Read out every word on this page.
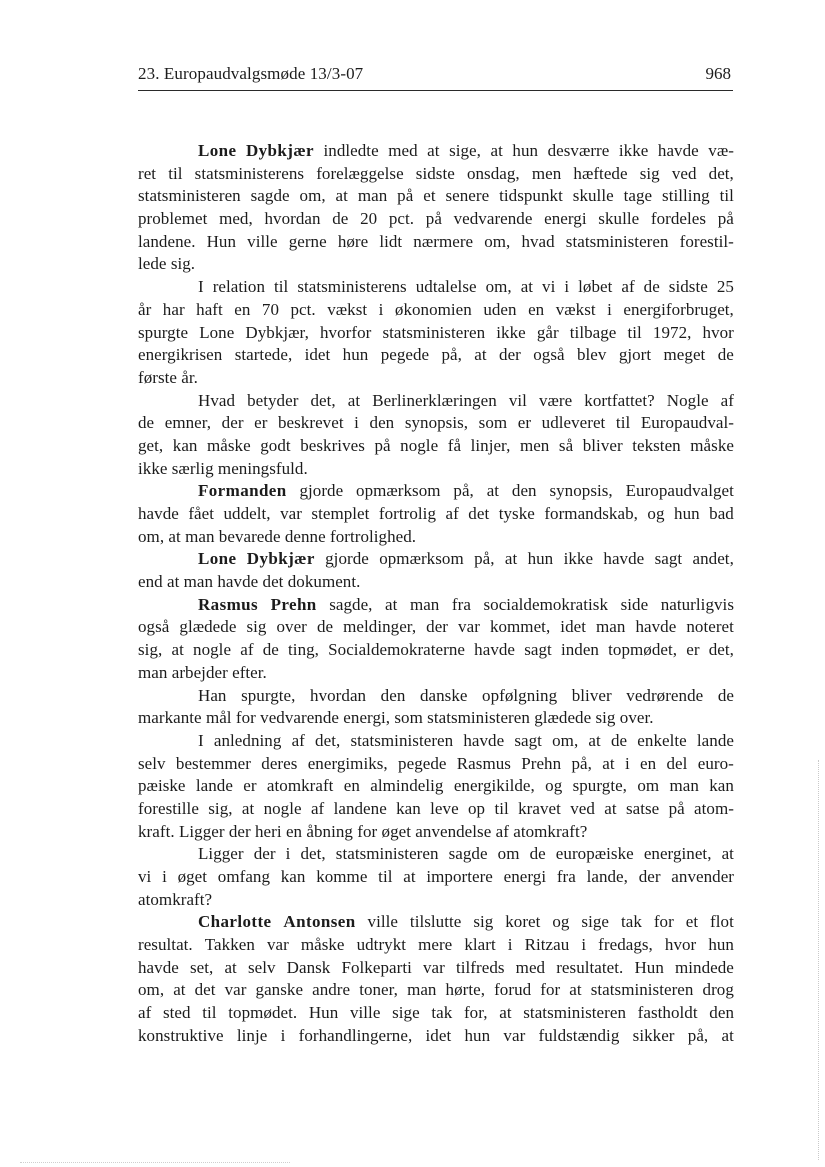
23. Europaudvalgsmøde 13/3-07	968
Lone Dybkjær indledte med at sige, at hun desværre ikke havde væ-
ret til statsministerens forelæggelse sidste onsdag, men hæftede sig ved det,
statsministeren sagde om, at man på et senere tidspunkt skulle tage stilling til
problemet med, hvordan de 20 pct. på vedvarende energi skulle fordeles på
landene. Hun ville gerne høre lidt nærmere om, hvad statsministeren forestil-
lede sig.
I relation til statsministerens udtalelse om, at vi i løbet af de sidste 25
år har haft en 70 pct. vækst i økonomien uden en vækst i energiforbruget,
spurgte Lone Dybkjær, hvorfor statsministeren ikke går tilbage til 1972, hvor
energikrisen startede, idet hun pegede på, at der også blev gjort meget de
første år.
Hvad betyder det, at Berlinerklæringen vil være kortfattet? Nogle af
de emner, der er beskrevet i den synopsis, som er udleveret til Europaudval-
get, kan måske godt beskrives på nogle få linjer, men så bliver teksten måske
ikke særlig meningsfuld.
Formanden gjorde opmærksom på, at den synopsis, Europaudvalget
havde fået uddelt, var stemplet fortrolig af det tyske formandskab, og hun bad
om, at man bevarede denne fortrolighed.
Lone Dybkjær gjorde opmærksom på, at hun ikke havde sagt andet,
end at man havde det dokument.
Rasmus Prehn sagde, at man fra socialdemokratisk side naturligvis
også glædede sig over de meldinger, der var kommet, idet man havde noteret
sig, at nogle af de ting, Socialdemokraterne havde sagt inden topmødet, er det,
man arbejder efter.
Han spurgte, hvordan den danske opfølgning bliver vedrørende de
markante mål for vedvarende energi, som statsministeren glædede sig over.
I anledning af det, statsministeren havde sagt om, at de enkelte lande
selv bestemmer deres energimiks, pegede Rasmus Prehn på, at i en del euro-
pæiske lande er atomkraft en almindelig energikilde, og spurgte, om man kan
forestille sig, at nogle af landene kan leve op til kravet ved at satse på atom-
kraft. Ligger der heri en åbning for øget anvendelse af atomkraft?
Ligger der i det, statsministeren sagde om de europæiske energinet, at
vi i øget omfang kan komme til at importere energi fra lande, der anvender
atomkraft?
Charlotte Antonsen ville tilslutte sig koret og sige tak for et flot
resultat. Takken var måske udtrykt mere klart i Ritzau i fredags, hvor hun
havde set, at selv Dansk Folkeparti var tilfreds med resultatet. Hun mindede
om, at det var ganske andre toner, man hørte, forud for at statsministeren drog
af sted til topmødet. Hun ville sige tak for, at statsministeren fastholdt den
konstruktive linje i forhandlingerne, idet hun var fuldstændig sikker på, at
